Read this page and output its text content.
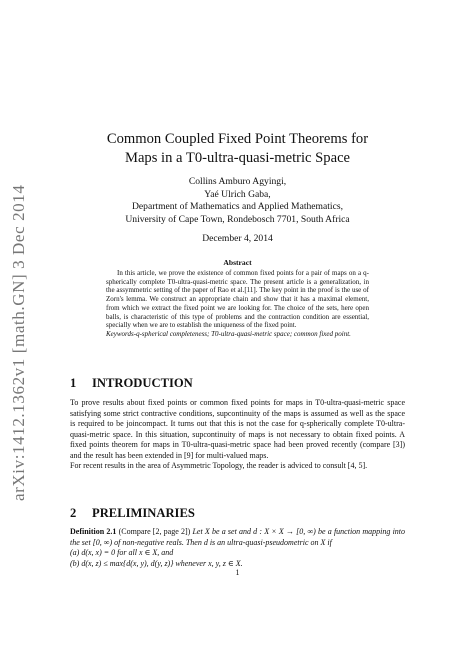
arXiv:1412.1362v1 [math.GN] 3 Dec 2014
Common Coupled Fixed Point Theorems for
Maps in a T0-ultra-quasi-metric Space
Collins Amburo Agyingi,
Yaé Ulrich Gaba,
Department of Mathematics and Applied Mathematics,
University of Cape Town, Rondebosch 7701, South Africa
December 4, 2014
Abstract

In this article, we prove the existence of common fixed points for a pair of maps on a q-spherically complete T0-ultra-quasi-metric space. The present article is a generalization, in the assymmetric setting of the paper of Rao et al.[11]. The key point in the proof is the use of Zorn's lemma. We construct an appropriate chain and show that it has a maximal element, from which we extract the fixed point we are looking for. The choice of the sets, here open balls, is characteristic of this type of problems and the contraction condition are essential, specially when we are to establish the uniqueness of the fixed point.

Keywords-q-spherical completeness; T0-ultra-quasi-metric space; common fixed point.

1 INTRODUCTION

To prove results about fixed points or common fixed points for maps in T0-ultra-quasi-metric space satisfying some strict contractive conditions, supcontinuity of the maps is assumed as well as the space is required to be joincompact. It turns out that this is not the case for q-spherically complete T0-ultra-quasi-metric space. In this situation, supcontinuity of maps is not necessary to obtain fixed points. A fixed points theorem for maps in T0-ultra-quasi-metric space had been proved recently (compare [3]) and the result has been extended in [9] for multi-valued maps.

For recent results in the area of Asymmetric Topology, the reader is adviced to consult [4, 5].

2 PRELIMINARIES

Definition 2.1 (Compare [2, page 2]) Let X be a set and d : X × X → [0, ∞) be a function mapping into the set [0, ∞) of non-negative reals. Then d is an ultra-quasi-pseudometric on X if

(a) d(x, x) = 0 for all x ∈ X, and

(b) d(x, z) ≤ max{d(x, y), d(y, z)} whenever x, y, z ∈ X.

1
